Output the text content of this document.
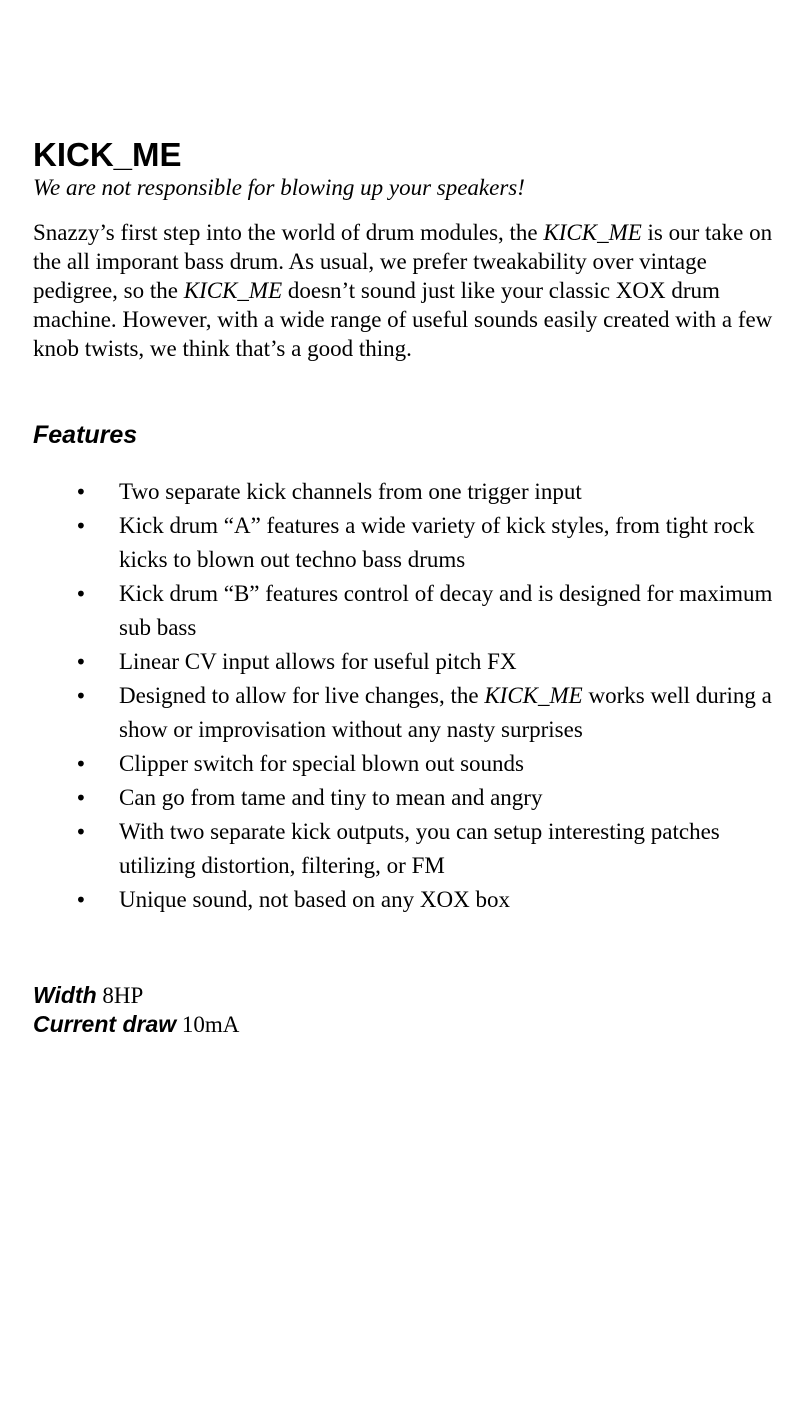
KICK_ME

We are not responsible for blowing up your speakers!

Snazzy’s first step into the world of drum modules, the KICK_ME is our take on the all imporant bass drum. As usual, we prefer tweakability over vintage pedigree, so the KICK_ME doesn’t sound just like your classic XOX drum machine. However, with a wide range of useful sounds easily created with a few knob twists, we think that’s a good thing.

Features
• Two separate kick channels from one trigger input
• Kick drum “A” features a wide variety of kick styles, from tight rock kicks to blown out techno bass drums
• Kick drum “B” features control of decay and is designed for maximum sub bass
• Linear CV input allows for useful pitch FX
• Designed to allow for live changes, the KICK_ME works well during a show or improvisation without any nasty surprises
• Clipper switch for special blown out sounds
• Can go from tame and tiny to mean and angry
• With two separate kick outputs, you can setup interesting patches utilizing distortion, filtering, or FM
• Unique sound, not based on any XOX box

Width 8HP

Current draw 10mA
